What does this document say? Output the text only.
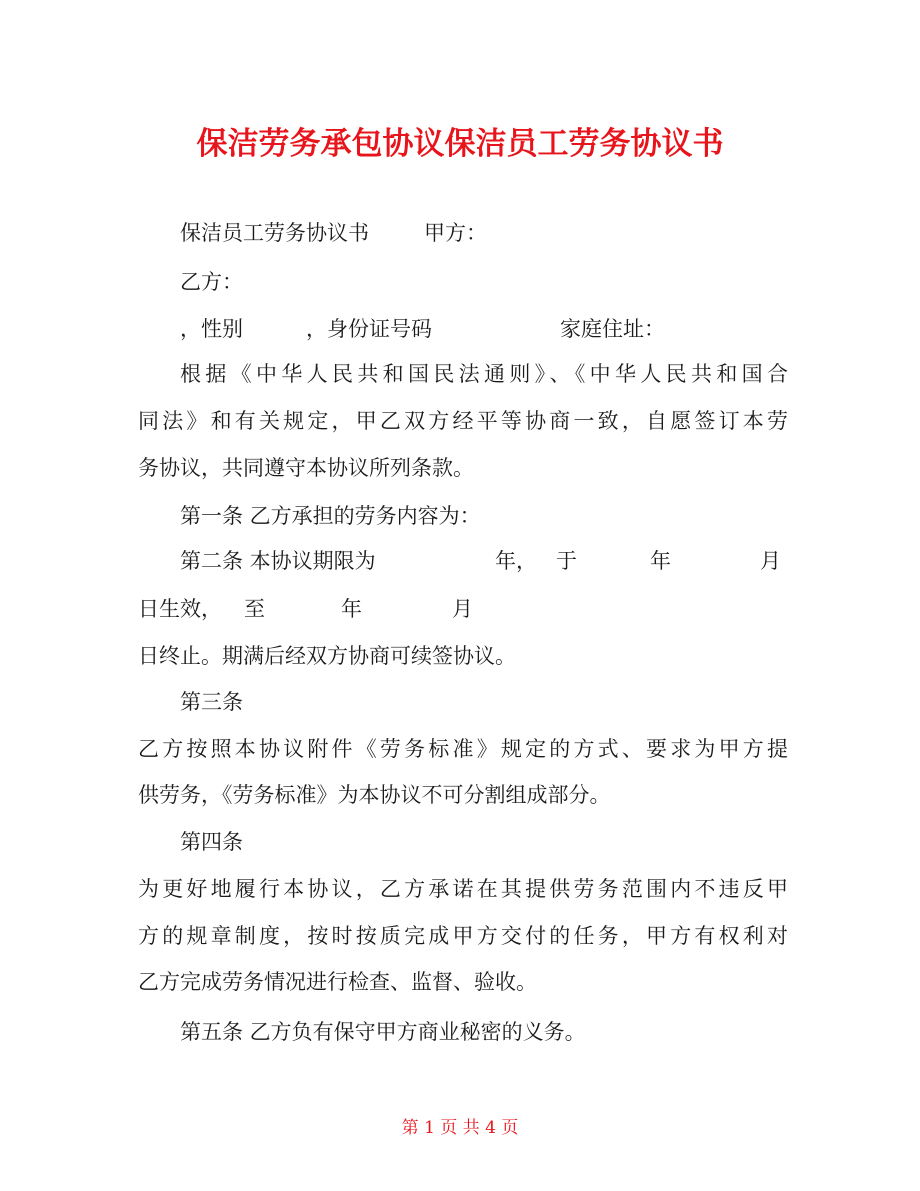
保洁劳务承包协议保洁员工劳务协议书
保洁员工劳务协议书	甲方：
乙方：
，性别	，身份证号码	家庭住址：
根据《中华人民共和国民法通则》、《中华人民共和国合
同法》和有关规定，甲乙双方经平等协商一致，自愿签订本劳
务协议，共同遵守本协议所列条款。
第一条 乙方承担的劳务内容为：
第二条 本协议期限为	年， 于	年	月
日生效， 至	年	月
日终止。期满后经双方协商可续签协议。
第三条
乙方按照本协议附件《劳务标准》规定的方式、要求为甲方提
供劳务，《劳务标准》为本协议不可分割组成部分。
第四条
为更好地履行本协议，乙方承诺在其提供劳务范围内不违反甲
方的规章制度，按时按质完成甲方交付的任务，甲方有权利对
乙方完成劳务情况进行检查、监督、验收。
第五条 乙方负有保守甲方商业秘密的义务。
第 1 页 共 4 页
